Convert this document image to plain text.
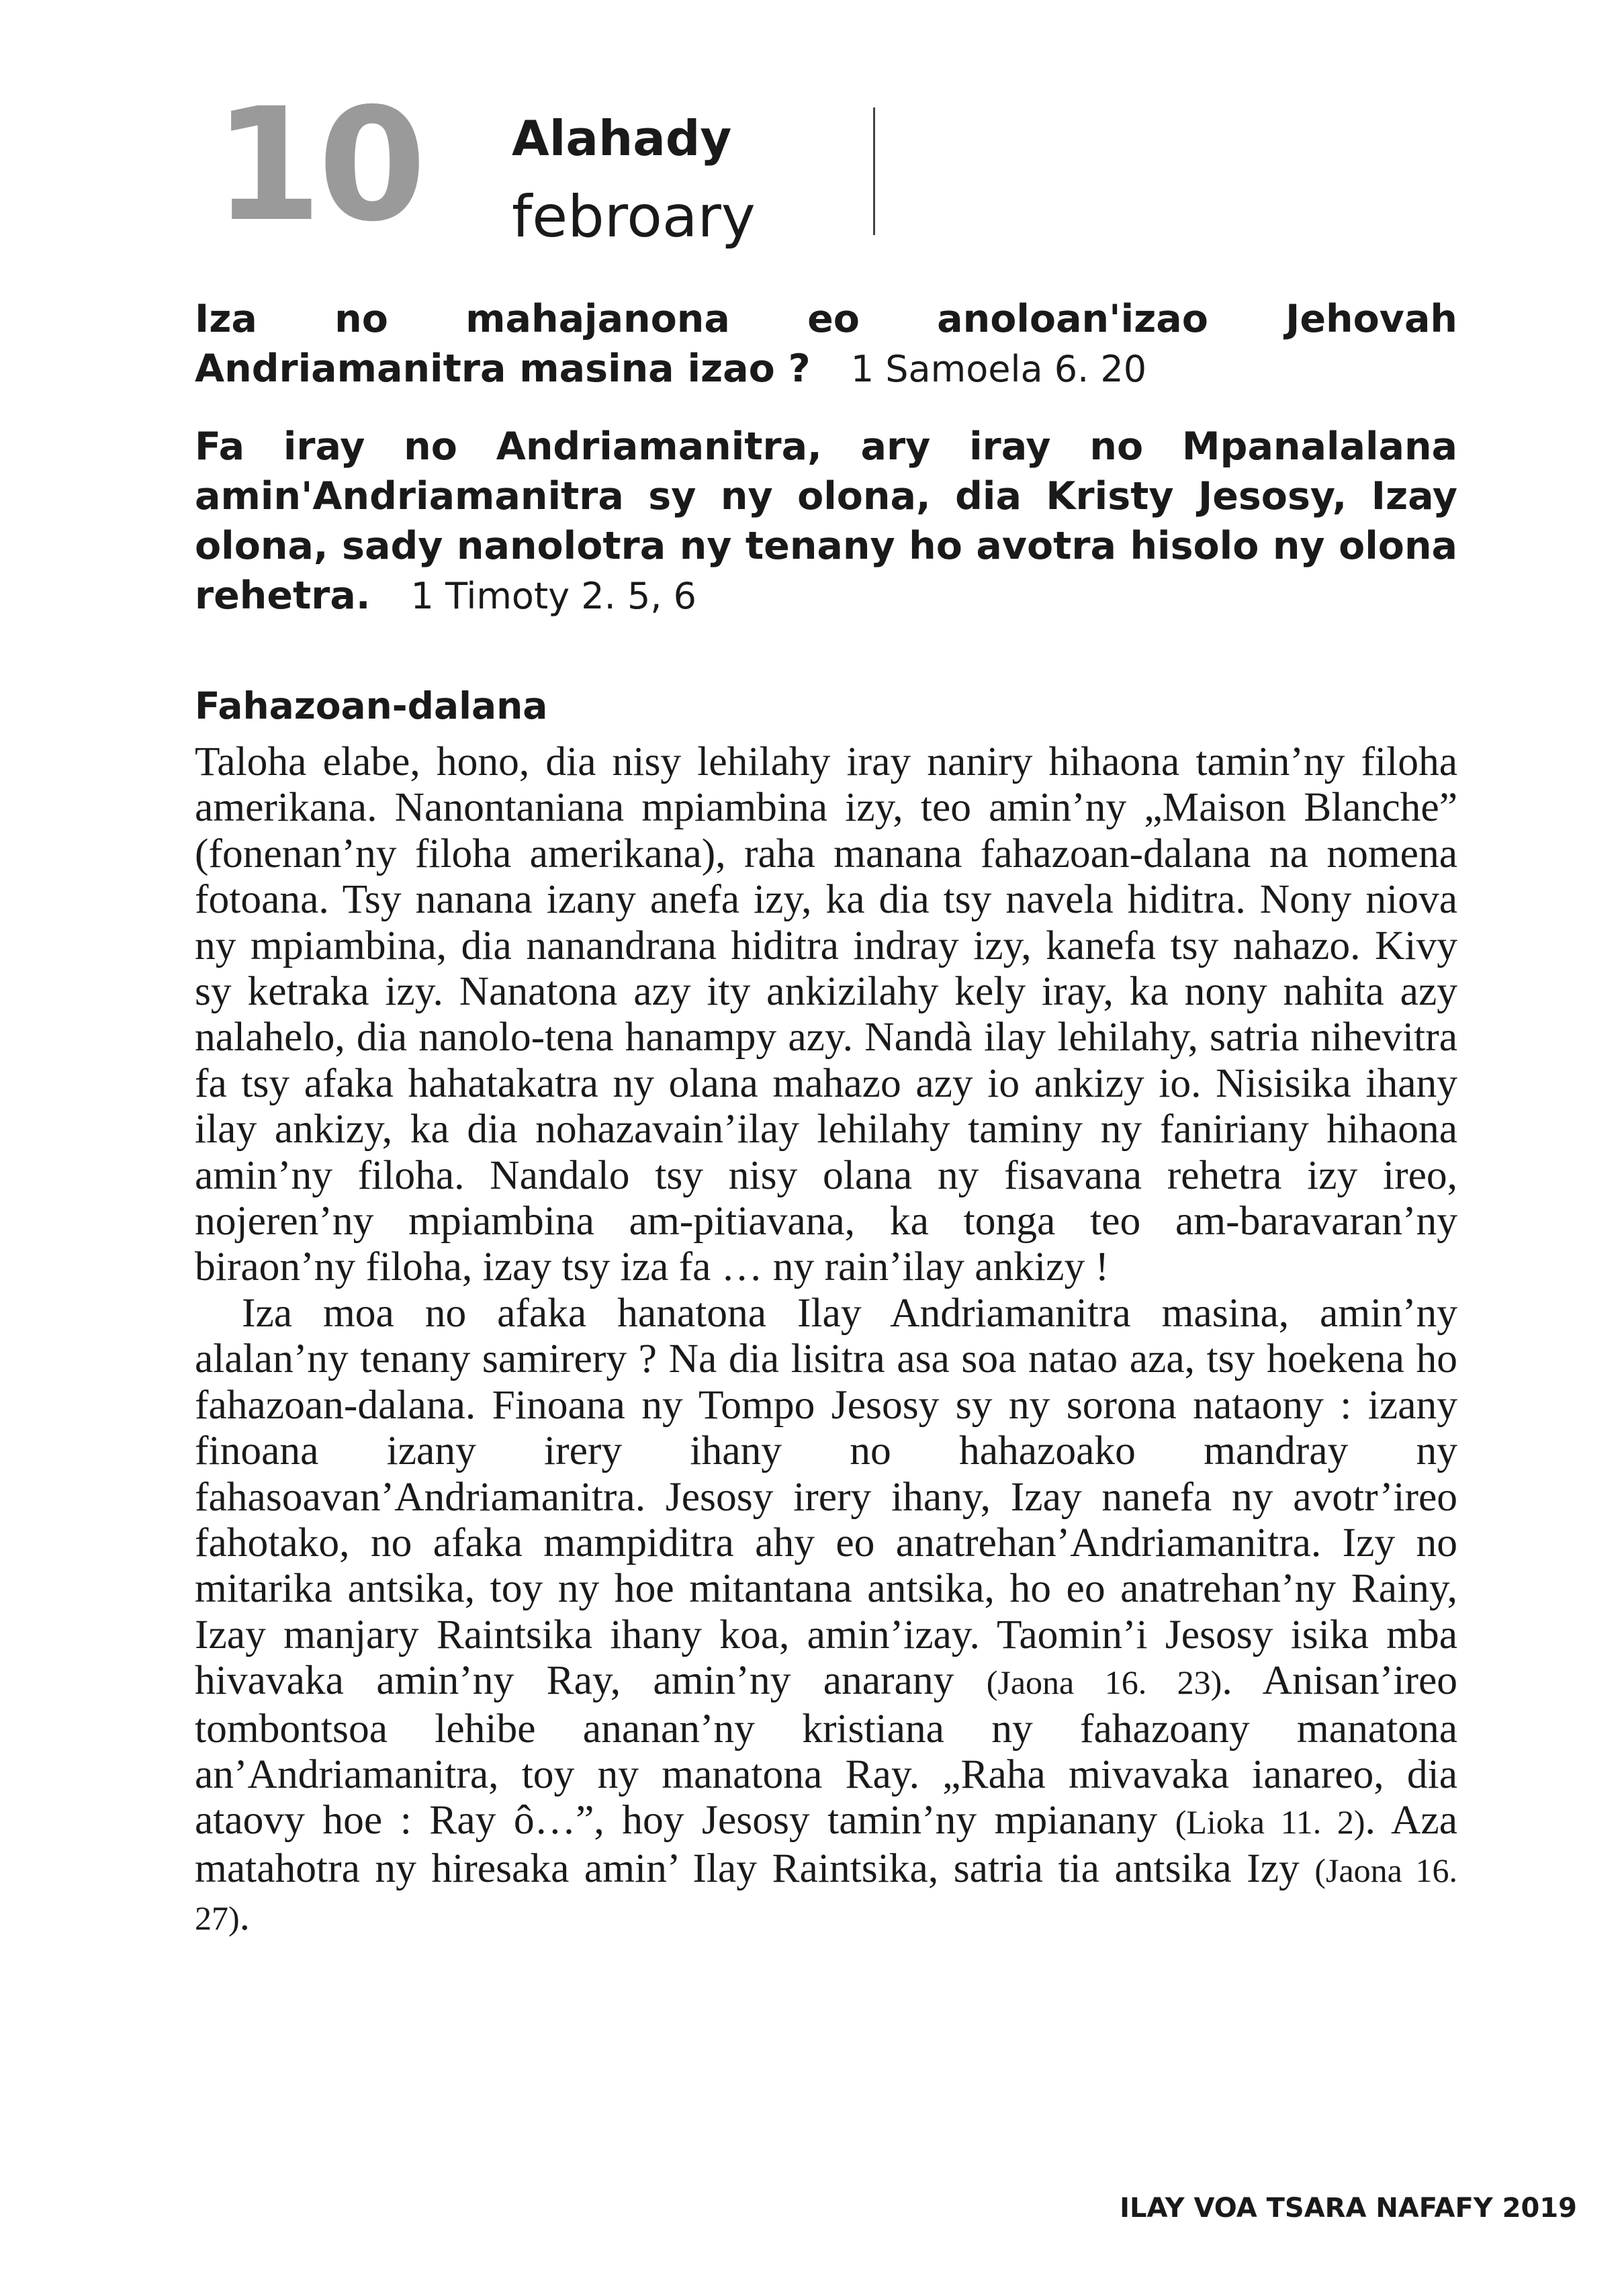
10 Alahady
febroary
Iza no mahajanona eo anoloan'izao Jehovah Andriamanitra masina izao ? 1 Samoela 6. 20
Fa iray no Andriamanitra, ary iray no Mpanalalana amin'Andriamanitra sy ny olona, dia Kristy Jesosy, Izay olona, sady nanolotra ny tenany ho avotra hisolo ny olona rehetra. 1 Timoty 2. 5, 6
Fahazoan-dalana

Taloha elabe, hono, dia nisy lehilahy iray naniry hihaona tamin’ny filoha amerikana. Nanontaniana mpiambina izy, teo amin’ny „Maison Blanche” (fonenan’ny filoha amerikana), raha manana fahazoan-dalana na nomena fotoana. Tsy nanana izany anefa izy, ka dia tsy navela hiditra. Nony niova ny mpiambina, dia nanandrana hiditra indray izy, kanefa tsy nahazo. Kivy sy ketraka izy. Nanatona azy ity ankizilahy kely iray, ka nony nahita azy nalahelo, dia nanolo-tena hanampy azy. Nandà ilay lehilahy, satria nihevitra fa tsy afaka hahatakatra ny olana mahazo azy io ankizy io. Nisisika ihany ilay ankizy, ka dia nohazavain’ilay lehilahy taminy ny faniriany hihaona amin’ny filoha. Nandalo tsy nisy olana ny fisavana rehetra izy ireo, nojeren’ny mpiambina am-pitiavana, ka tonga teo am-baravaran’ny biraon’ny filoha, izay tsy iza fa … ny rain’ilay ankizy !

Iza moa no afaka hanatona Ilay Andriamanitra masina, amin’ny alalan’ny tenany samirery ? Na dia lisitra asa soa natao aza, tsy hoekena ho fahazoan-dalana. Finoana ny Tompo Jesosy sy ny sorona nataony : izany finoana izany irery ihany no hahazoako mandray ny fahasoavan’Andriamanitra. Jesosy irery ihany, Izay nanefa ny avotr’ireo fahotako, no afaka mampiditra ahy eo anatrehan’Andriamanitra. Izy no mitarika antsika, toy ny hoe mitantana antsika, ho eo anatrehan’ny Rainy, Izay manjary Raintsika ihany koa, amin’izay. Taomin’i Jesosy isika mba hivavaka amin’ny Ray, amin’ny anarany (Jaona 16. 23). Anisan’ireo tombontsoa lehibe ananan’ny kristiana ny fahazoany manatona an’Andriamanitra, toy ny manatona Ray. „Raha mivavaka ianareo, dia ataovy hoe : Ray ô…”, hoy Jesosy tamin’ny mpianany (Lioka 11. 2). Aza matahotra ny hiresaka amin’ Ilay Raintsika, satria tia antsika Izy (Jaona 16. 27).

ILAY VOA TSARA NAFAFY 2019
